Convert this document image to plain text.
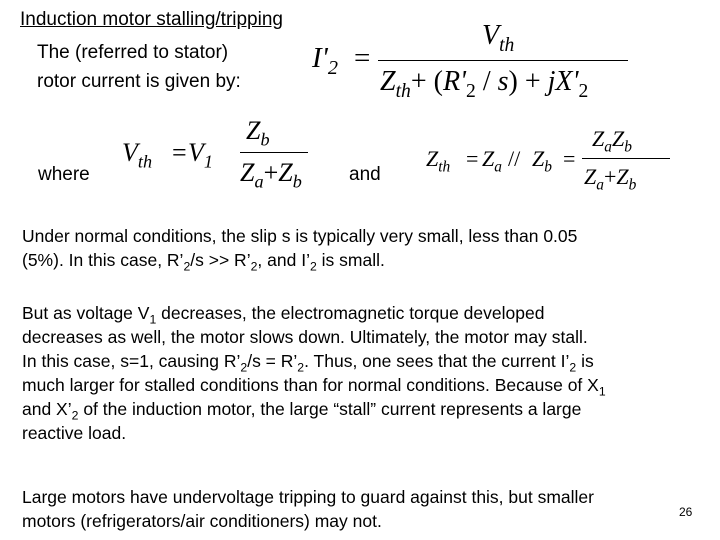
Induction motor stalling/tripping
The (referred to stator)
rotor current is given by:
$I'_2$ =
$V_{th}$
$Z_{th}+ (R'_2 / s) + jX'_2$
where
$V_{th} = V_1$
$Z_b$
$Z_a+Z_b$ and
$Z_{th} = Z_a // Z_b$ =
$Z_aZ_b$
$Z_a+Z_b$
Under normal conditions, the slip s is typically very small, less than 0.05
(5%). In this case, $R’_2/s$ >> $R’_2$, and $I’_2$ is small.
But as voltage $V_1$ decreases, the electromagnetic torque developed
decreases as well, the motor slows down. Ultimately, the motor may stall.
In this case, s=1, causing $R’_2/s$ = $R’_2$. Thus, one sees that the current $I’_2$ is
much larger for stalled conditions than for normal conditions. Because of $X_1$
and $X’_2$ of the induction motor, the large “stall” current represents a large
reactive load.
Large motors have undervoltage tripping to guard against this, but smaller
motors (refrigerators/air conditioners) may not.	26
